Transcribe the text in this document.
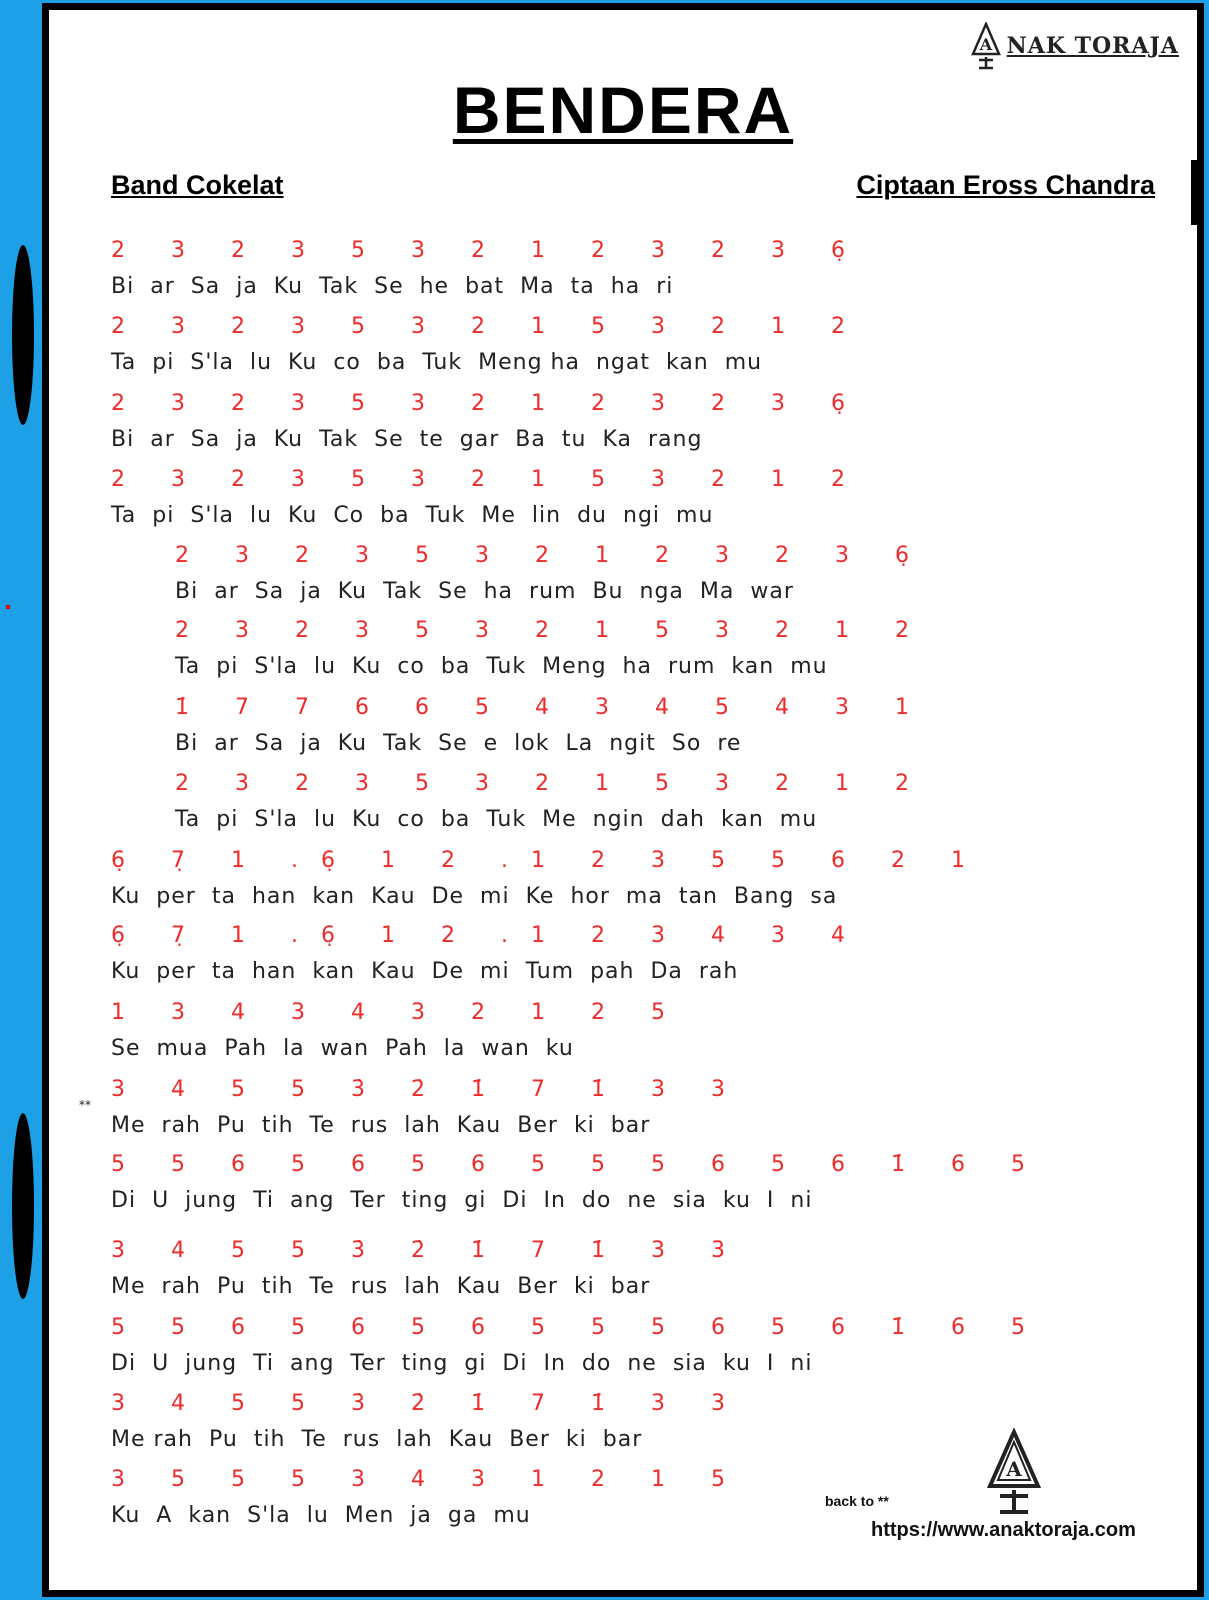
A NAK TORAJA
BENDERA
Band Cokelat	Ciptaan Eross Chandra
2 3 2 3 5 3 2 1 2 3 2 3 6̣
Bi ar Sa ja Ku Tak Se he bat Ma ta ha ri
2 3 2 3 5 3 2 1 5 3 2 1 2
Ta pi S'la lu Ku co ba Tuk Meng ha ngat kan mu
2 3 2 3 5 3 2 1 2 3 2 3 6̣
Bi ar Sa ja Ku Tak Se te gar Ba tu Ka rang
2 3 2 3 5 3 2 1 5 3 2 1 2
Ta pi S'la lu Ku Co ba Tuk Me lin du ngi mu
2 3 2 3 5 3 2 1 2 3 2 3 6̣
Bi ar Sa ja Ku Tak Se ha rum Bu nga Ma war
2 3 2 3 5 3 2 1 5 3 2 1 2
Ta pi S'la lu Ku co ba Tuk Meng ha rum kan mu
1̇ 7 7 6 6 5 4 3 4 5 4 3 1
Bi ar Sa ja Ku Tak Se e lok La ngit So re
2 3 2 3 5 3 2 1 5 3 2 1 2
Ta pi S'la lu Ku co ba Tuk Me ngin dah kan mu
6̣ 7̣ 1 . 6̣ 1 2 . 1 2 3 5 5 6 2 1
Ku per ta han kan Kau De mi Ke hor ma tan Bang sa
6̣ 7̣ 1 . 6̣ 1 2 . 1 2 3 4 3 4
Ku per ta han kan Kau De mi Tum pah Da rah
1 3 4 3 4 3 2 1 2 5
Se mua Pah la wan Pah la wan ku
3 4 5 5 3̇ 2̇ 1̇ 7 1̇ 3 3
Me rah Pu tih Te rus lah Kau Ber ki bar
5 5 6 5 6 5 6 5 5 5 6 5 6 1̇ 6 5
Di U jung Ti ang Ter ting gi Di In do ne sia ku I ni
3 4 5 5 3̇ 2̇ 1̇ 7 1̇ 3 3
Me rah Pu tih Te rus lah Kau Ber ki bar
5 5 6 5 6 5 6 5 5 5 6 5 6 1̇ 6 5
Di U jung Ti ang Ter ting gi Di In do ne sia ku I ni
3 4 5 5 3̇ 2̇ 1̇ 7 1̇ 3 3
Me rah Pu tih Te rus lah Kau Ber ki bar
3 5 5 5 3 4 3 1 2 1 5
Ku A kan S'la lu Men ja ga mu
**
back to **
A
https://www.anaktoraja.com
